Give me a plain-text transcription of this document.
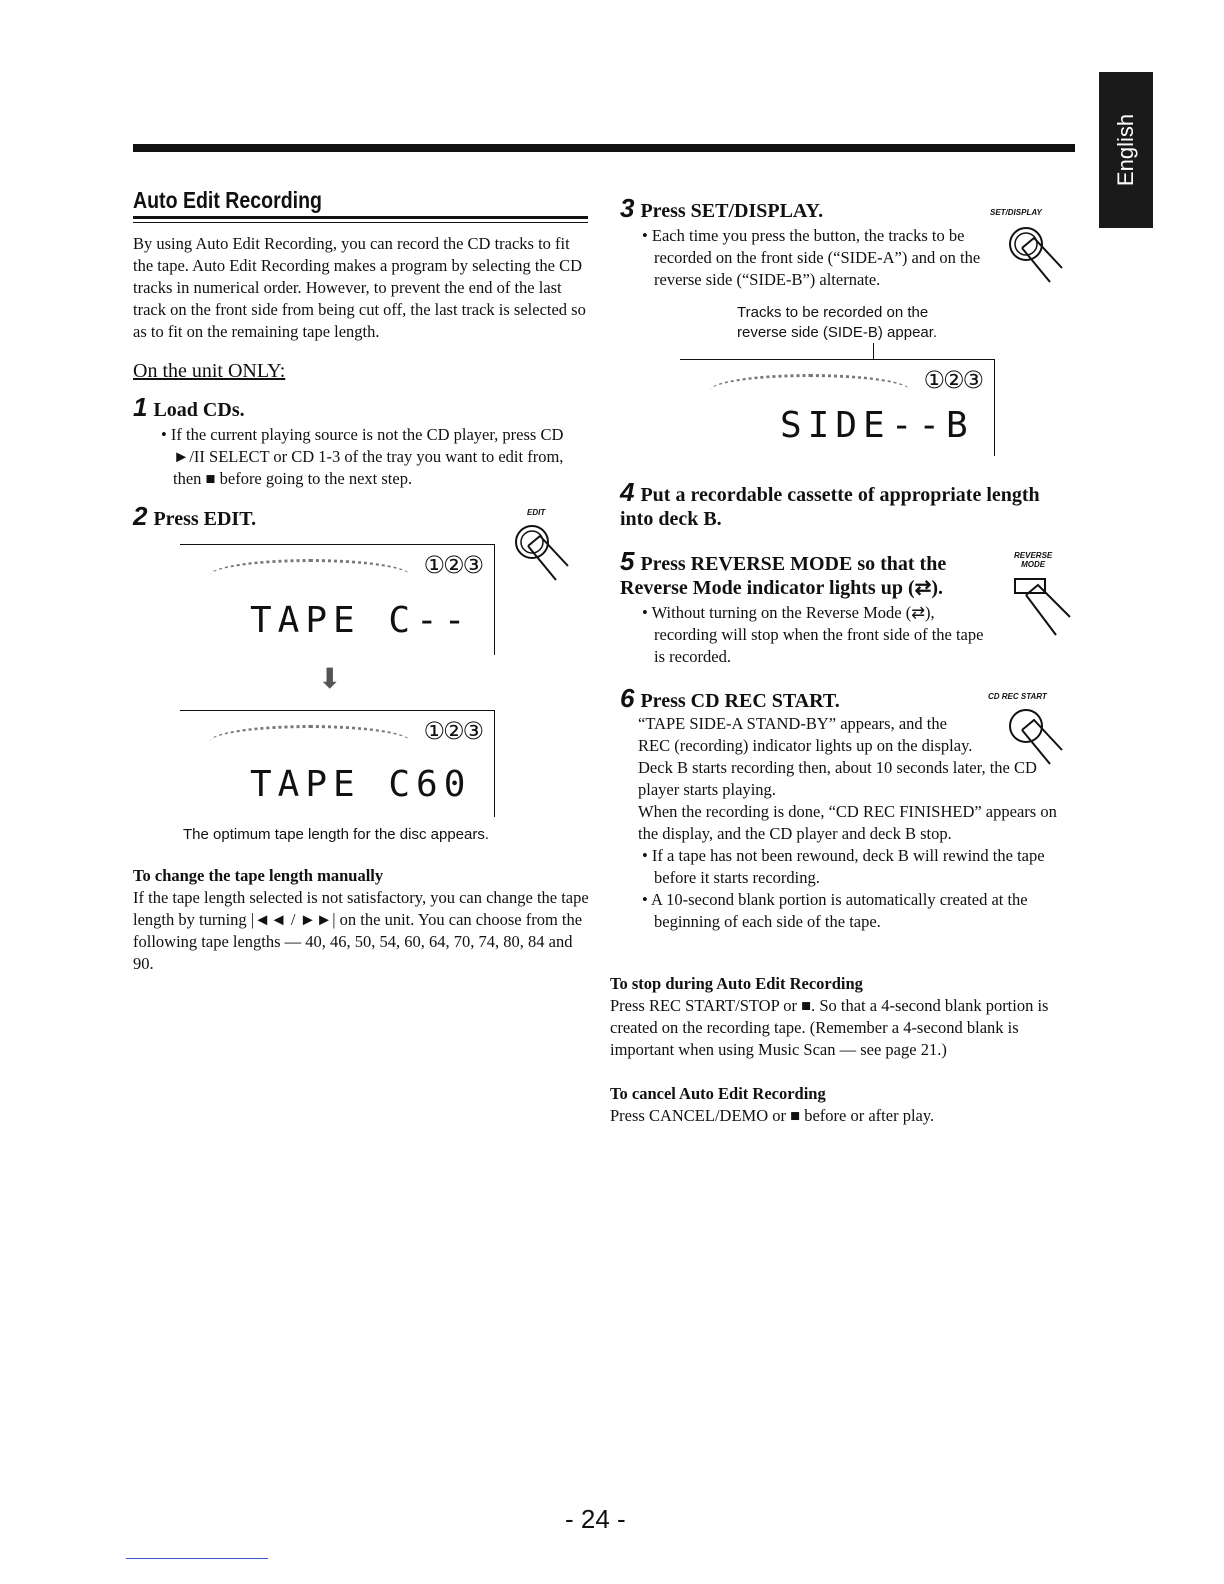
English
Auto Edit Recording
By using Auto Edit Recording, you can record the CD tracks to fit the tape. Auto Edit Recording makes a program by selecting the CD tracks in numerical order. However, to prevent the end of the last track on the front side from being cut off, the last track is selected so as to fit on the remaining tape length.
On the unit ONLY:
1 Load CDs.
• If the current playing source is not the CD player, press CD ►/II SELECT or CD 1-3 of the tray you want to edit from, then ■ before going to the next step.
2 Press EDIT.	EDIT
①②③
TAPE C--
⬇
①②③
TAPE C60
The optimum tape length for the disc appears.
To change the tape length manually
If the tape length selected is not satisfactory, you can change the tape length by turning |◄◄ / ►►| on the unit. You can choose from the following tape lengths — 40, 46, 50, 54, 60, 64, 70, 74, 80, 84 and 90.
3 Press SET/DISPLAY.	SET/DISPLAY
• Each time you press the button, the tracks to be recorded on the front side (“SIDE-A”) and on the reverse side (“SIDE-B”) alternate.
Tracks to be recorded on the
reverse side (SIDE-B) appear.
①②③
SIDE--B
4 Put a recordable cassette of appropriate length into deck B.
5 Press REVERSE MODE so that the Reverse Mode indicator lights up (⇄).
REVERSE
MODE
• Without turning on the Reverse Mode (⇄), recording will stop when the front side of the tape is recorded.
6 Press CD REC START.	CD REC START
“TAPE SIDE-A STAND-BY” appears, and the REC (recording) indicator lights up on the display.
Deck B starts recording then, about 10 seconds later, the CD player starts playing.
When the recording is done, “CD REC FINISHED” appears on the display, and the CD player and deck B stop.
• If a tape has not been rewound, deck B will rewind the tape before it starts recording.
• A 10-second blank portion is automatically created at the beginning of each side of the tape.
To stop during Auto Edit Recording
Press REC START/STOP or ■. So that a 4-second blank portion is created on the recording tape. (Remember a 4-second blank is important when using Music Scan — see page 21.)
To cancel Auto Edit Recording
Press CANCEL/DEMO or ■ before or after play.
- 24 -
